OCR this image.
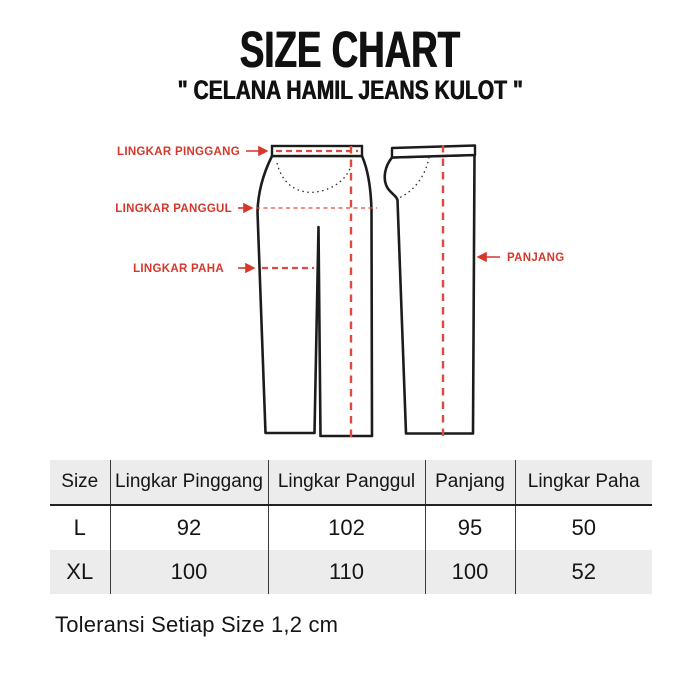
SIZE CHART
" CELANA HAMIL JEANS KULOT "
LINGKAR PINGGANG
LINGKAR PANGGUL
LINGKAR PAHA
PANJANG
Size	Lingkar Pinggang	Lingkar Panggul	Panjang	Lingkar Paha
L	92	102	95	50
XL	100	110	100	52

Toleransi Setiap Size 1,2 cm
